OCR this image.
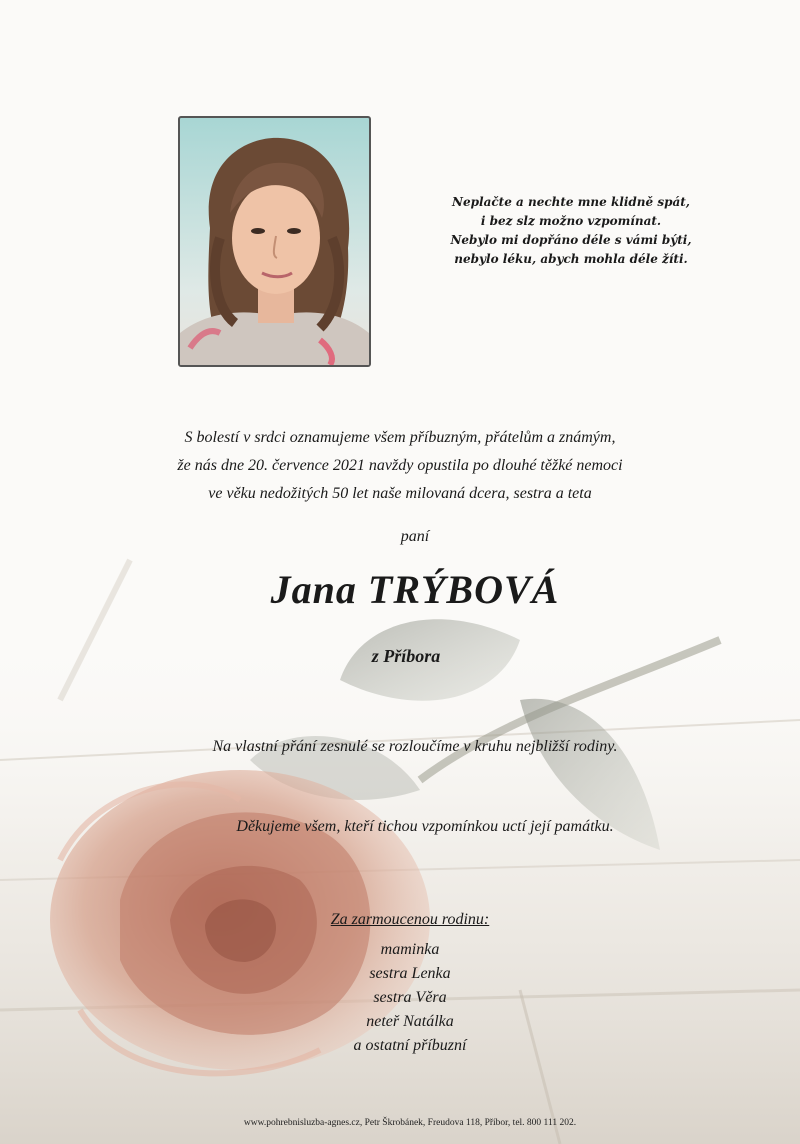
Neplačte a nechte mne klidně spát,
i bez slz možno vzpomínat.
Nebylo mi dopřáno déle s vámi býti,
nebylo léku, abych mohla déle žíti.
S bolestí v srdci oznamujeme všem příbuzným, přátelům a známým,
že nás dne 20. července 2021 navždy opustila po dlouhé těžké nemoci
ve věku nedožitých 50 let naše milovaná dcera, sestra a teta
paní
Jana TRÝBOVÁ
z Příbora
Na vlastní přání zesnulé se rozloučíme v kruhu nejbližší rodiny.
Děkujeme všem, kteří tichou vzpomínkou uctí její památku.
Za zarmoucenou rodinu:
maminka
sestra Lenka
sestra Věra
neteř Natálka
a ostatní příbuzní
www.pohrebnisluzba-agnes.cz, Petr Škrobánek, Freudova 118, Příbor, tel. 800 111 202.
